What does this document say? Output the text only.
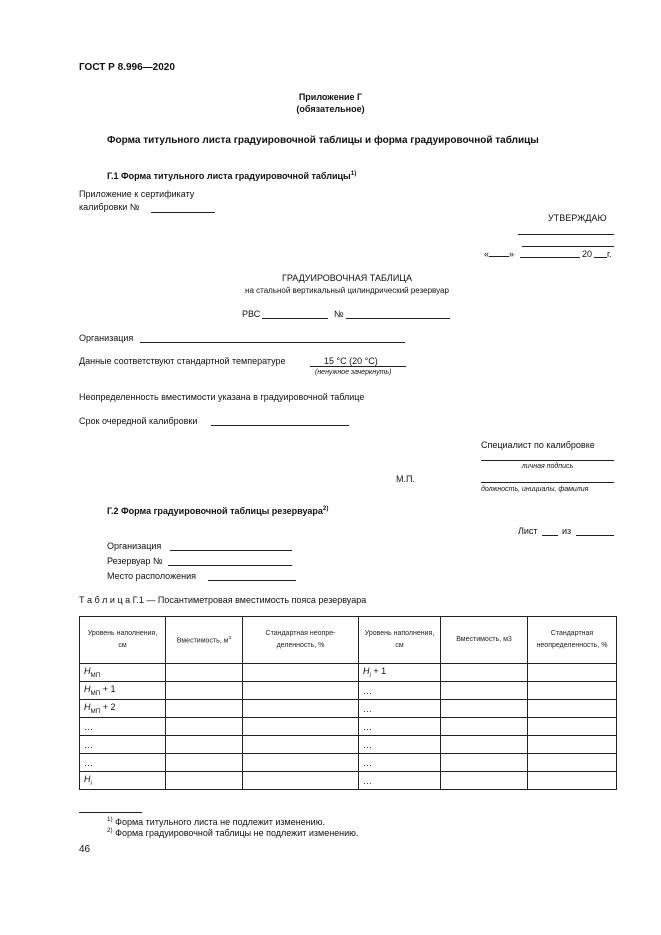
ГОСТ Р 8.996—2020
Приложение Г
(обязательное)
Форма титульного листа градуировочной таблицы и форма градуировочной таблицы
Г.1 Форма титульного листа градуировочной таблицы$^{1)}$
Приложение к сертификату
калибровки №
УТВЕРЖДАЮ
« »	20 г.
ГРАДУИРОВОЧНАЯ ТАБЛИЦА
на стальной вертикальный цилиндрический резервуар
РВС	№
Организация
Данные соответствуют стандартной температуре	15 °С (20 °С)
(ненужное зачеркнуть)
Неопределенность вместимости указана в градуировочной таблице
Срок очередной калибровки
Специалист по калибровке
личная подпись
М.П.
должность, инициалы, фамилия
Г.2 Форма градуировочной таблицы резервуара$^{2)}$
Лист	из
Организация
Резервуар №
Место расположения
Т а б л и ц а Г.1 — Посантиметровая вместимость пояса резервуара
Уровень наполнения, см	Вместимость, $м^3$	Стандартная неопределенность, %	Уровень наполнения, см	Вместимость, м3	Стандартная неопределенность, %
$H_{МП}$			$H_i + 1$		
$H_{МП} + 1$			…		
$H_{МП} + 2$			…		
…			…		
…			…		
…			…		
$H_i$			…		
$^{1)}$ Форма титульного листа не подлежит изменению.
$^{2)}$ Форма градуировочной таблицы не подлежит изменению.
46
